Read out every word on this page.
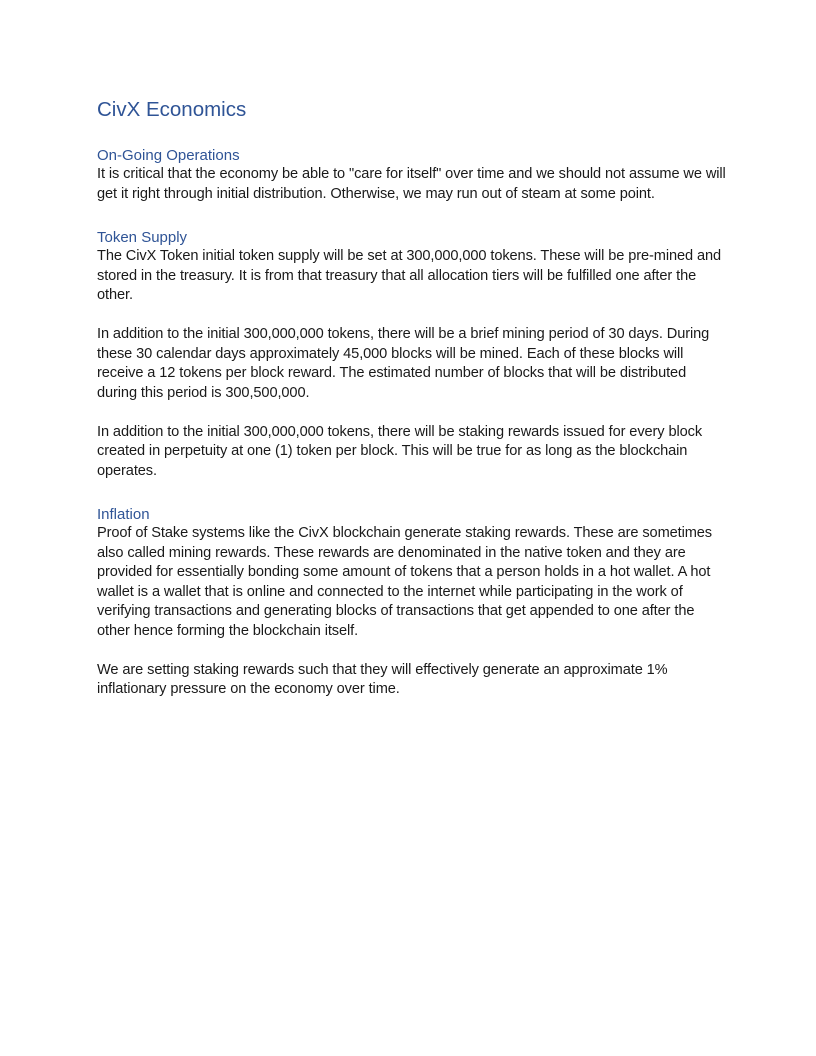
CivX Economics
On-Going Operations

It is critical that the economy be able to "care for itself" over time and we should not assume we will get it right through initial distribution. Otherwise, we may run out of steam at some point.

Token Supply

The CivX Token initial token supply will be set at 300,000,000 tokens. These will be pre-mined and stored in the treasury. It is from that treasury that all allocation tiers will be fulfilled one after the other.

In addition to the initial 300,000,000 tokens, there will be a brief mining period of 30 days. During these 30 calendar days approximately 45,000 blocks will be mined. Each of these blocks will receive a 12 tokens per block reward. The estimated number of blocks that will be distributed during this period is 300,500,000.

In addition to the initial 300,000,000 tokens, there will be staking rewards issued for every block created in perpetuity at one (1) token per block. This will be true for as long as the blockchain operates.

Inflation

Proof of Stake systems like the CivX blockchain generate staking rewards. These are sometimes also called mining rewards. These rewards are denominated in the native token and they are provided for essentially bonding some amount of tokens that a person holds in a hot wallet. A hot wallet is a wallet that is online and connected to the internet while participating in the work of verifying transactions and generating blocks of transactions that get appended to one after the other hence forming the blockchain itself.

We are setting staking rewards such that they will effectively generate an approximate 1% inflationary pressure on the economy over time.
